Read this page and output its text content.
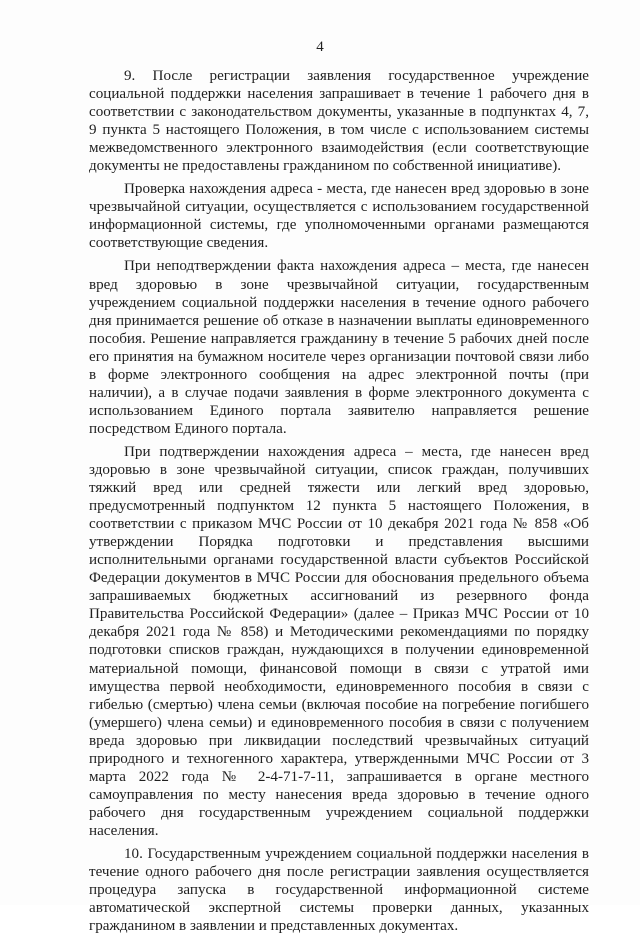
4

9. После регистрации заявления государственное учреждение социальной поддержки населения запрашивает в течение 1 рабочего дня в соответствии с законодательством документы, указанные в подпунктах 4, 7, 9 пункта 5 настоящего Положения, в том числе с использованием системы межведомственного электронного взаимодействия (если соответствующие документы не предоставлены гражданином по собственной инициативе).

Проверка нахождения адреса - места, где нанесен вред здоровью в зоне чрезвычайной ситуации, осуществляется с использованием государственной информационной системы, где уполномоченными органами размещаются соответствующие сведения.

При неподтверждении факта нахождения адреса – места, где нанесен вред здоровью в зоне чрезвычайной ситуации, государственным учреждением социальной поддержки населения в течение одного рабочего дня принимается решение об отказе в назначении выплаты единовременного пособия. Решение направляется гражданину в течение 5 рабочих дней после его принятия на бумажном носителе через организации почтовой связи либо в форме электронного сообщения на адрес электронной почты (при наличии), а в случае подачи заявления в форме электронного документа с использованием Единого портала заявителю направляется решение посредством Единого портала.

При подтверждении нахождения адреса – места, где нанесен вред здоровью в зоне чрезвычайной ситуации, список граждан, получивших тяжкий вред или средней тяжести или легкий вред здоровью, предусмотренный подпунктом 12 пункта 5 настоящего Положения, в соответствии с приказом МЧС России от 10 декабря 2021 года № 858 «Об утверждении Порядка подготовки и представления высшими исполнительными органами государственной власти субъектов Российской Федерации документов в МЧС России для обоснования предельного объема запрашиваемых бюджетных ассигнований из резервного фонда Правительства Российской Федерации» (далее – Приказ МЧС России от 10 декабря 2021 года № 858) и Методическими рекомендациями по порядку подготовки списков граждан, нуждающихся в получении единовременной материальной помощи, финансовой помощи в связи с утратой ими имущества первой необходимости, единовременного пособия в связи с гибелью (смертью) члена семьи (включая пособие на погребение погибшего (умершего) члена семьи) и единовременного пособия в связи с получением вреда здоровью при ликвидации последствий чрезвычайных ситуаций природного и техногенного характера, утвержденными МЧС России от 3 марта 2022 года № 2-4-71-7-11, запрашивается в органе местного самоуправления по месту нанесения вреда здоровью в течение одного рабочего дня государственным учреждением социальной поддержки населения.

10. Государственным учреждением социальной поддержки населения в течение одного рабочего дня после регистрации заявления осуществляется процедура запуска в государственной информационной системе автоматической экспертной системы проверки данных, указанных гражданином в заявлении и представленных документах.
